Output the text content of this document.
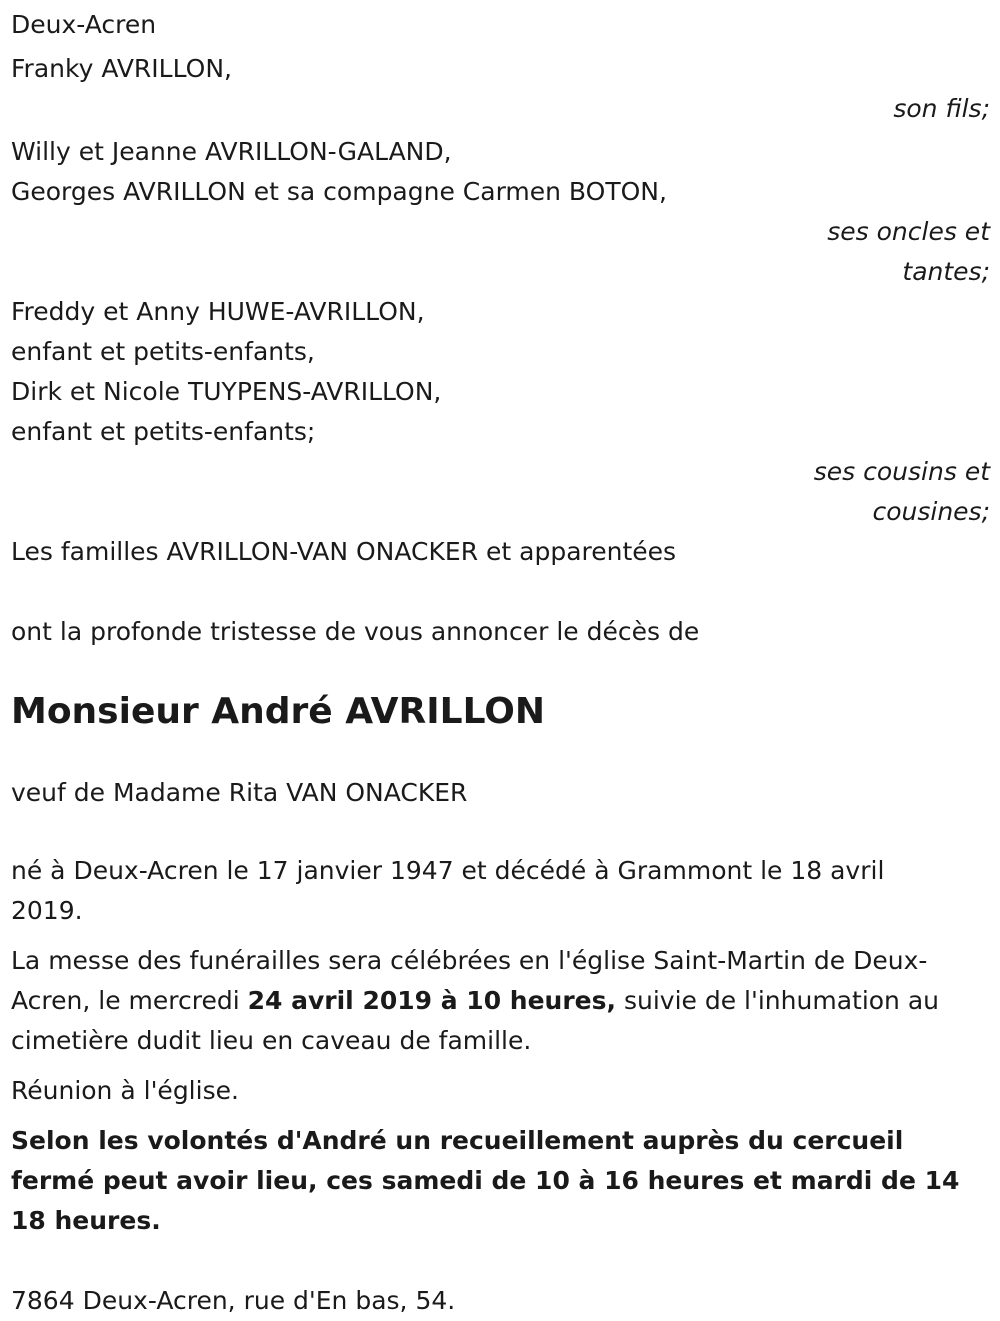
Deux-Acren
Franky AVRILLON,
son fils;
Willy et Jeanne AVRILLON-GALAND,
Georges AVRILLON et sa compagne Carmen BOTON,
ses oncles et
tantes;
Freddy et Anny HUWE-AVRILLON,
enfant et petits-enfants,
Dirk et Nicole TUYPENS-AVRILLON,
enfant et petits-enfants;
ses cousins et
cousines;
Les familles AVRILLON-VAN ONACKER et apparentées
ont la profonde tristesse de vous annoncer le décès de
Monsieur André AVRILLON
veuf de Madame Rita VAN ONACKER
né à Deux-Acren le 17 janvier 1947 et décédé à Grammont le 18 avril 2019.

La messe des funérailles sera célébrées en l'église Saint-Martin de Deux-Acren, le mercredi 24 avril 2019 à 10 heures, suivie de l'inhumation au cimetière dudit lieu en caveau de famille.

Réunion à l'église.
Selon les volontés d'André un recueillement auprès du cercueil fermé peut avoir lieu, ces samedi de 10 à 16 heures et mardi de 14 18 heures.
7864 Deux-Acren, rue d'En bas, 54.
